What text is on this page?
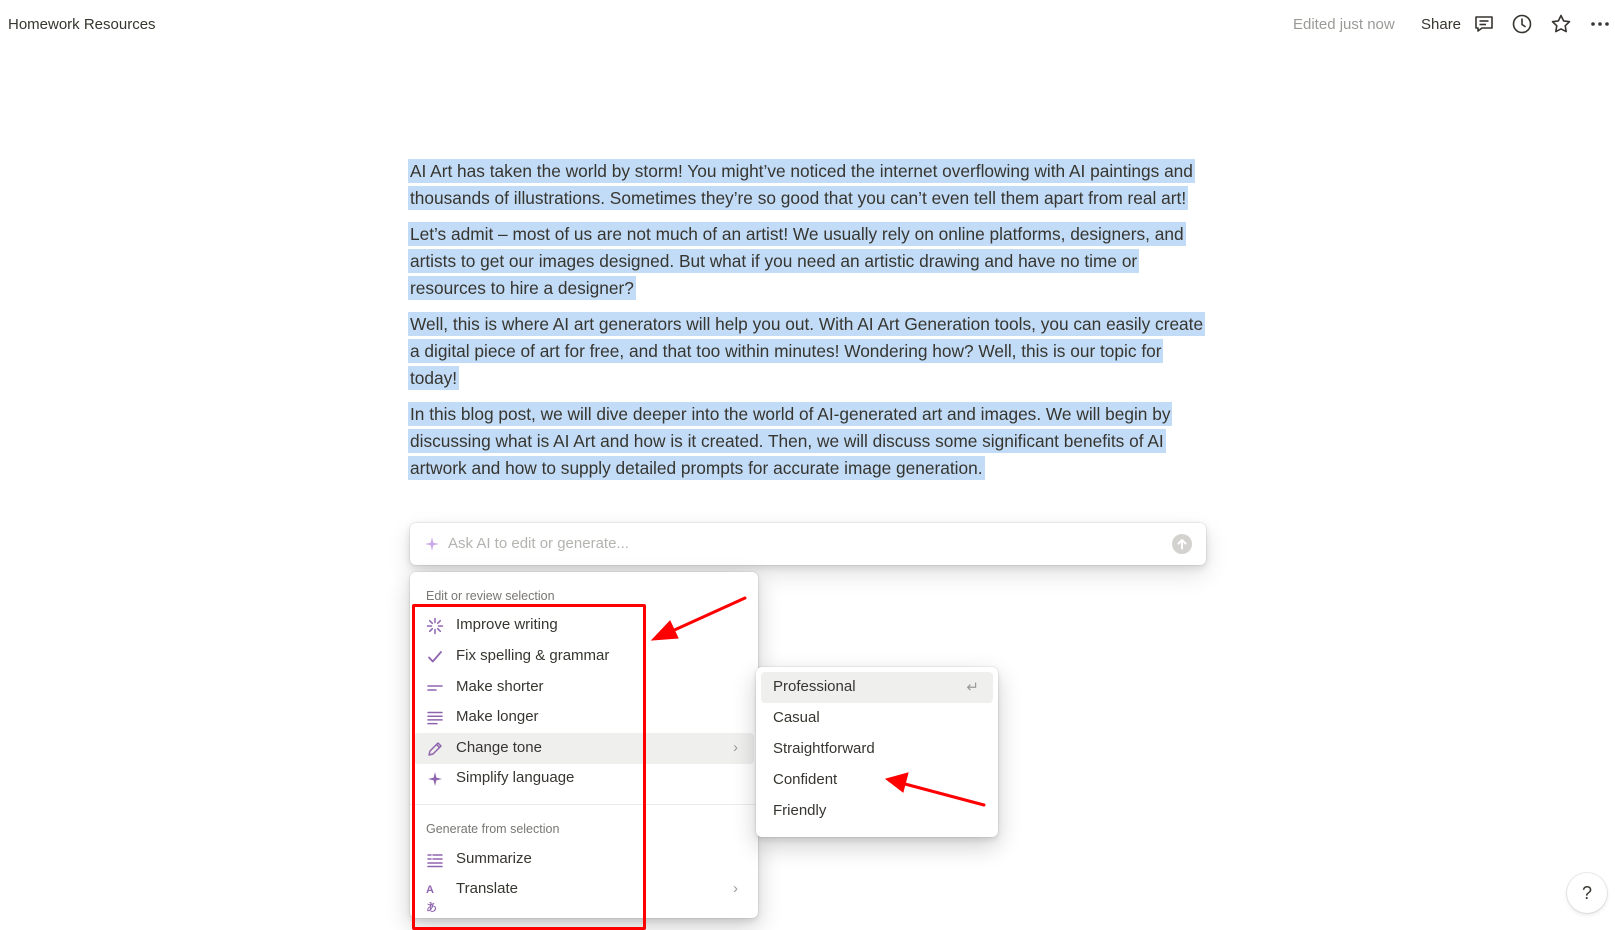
Homework Resources	Edited just now Share

AI Art has taken the world by storm! You might’ve noticed the internet overflowing with AI paintings and thousands of illustrations. Sometimes they’re so good that you can’t even tell them apart from real art!

Let’s admit – most of us are not much of an artist! We usually rely on online platforms, designers, and artists to get our images designed. But what if you need an artistic drawing and have no time or resources to hire a designer?

Well, this is where AI art generators will help you out. With AI Art Generation tools, you can easily create a digital piece of art for free, and that too within minutes! Wondering how? Well, this is our topic for today!

In this blog post, we will dive deeper into the world of AI-generated art and images. We will begin by discussing what is AI Art and how is it created. Then, we will discuss some significant benefits of AI artwork and how to supply detailed prompts for accurate image generation.

Ask AI to edit or generate...
Edit or review selection
Improve writing
Fix spelling & grammar
Make shorter
Make longer
Change tone	›
Simplify language
Generate from selection
Summarize
Aあ
Translate	›
Professional	↵
Casual
Straightforward
Confident
Friendly
?
